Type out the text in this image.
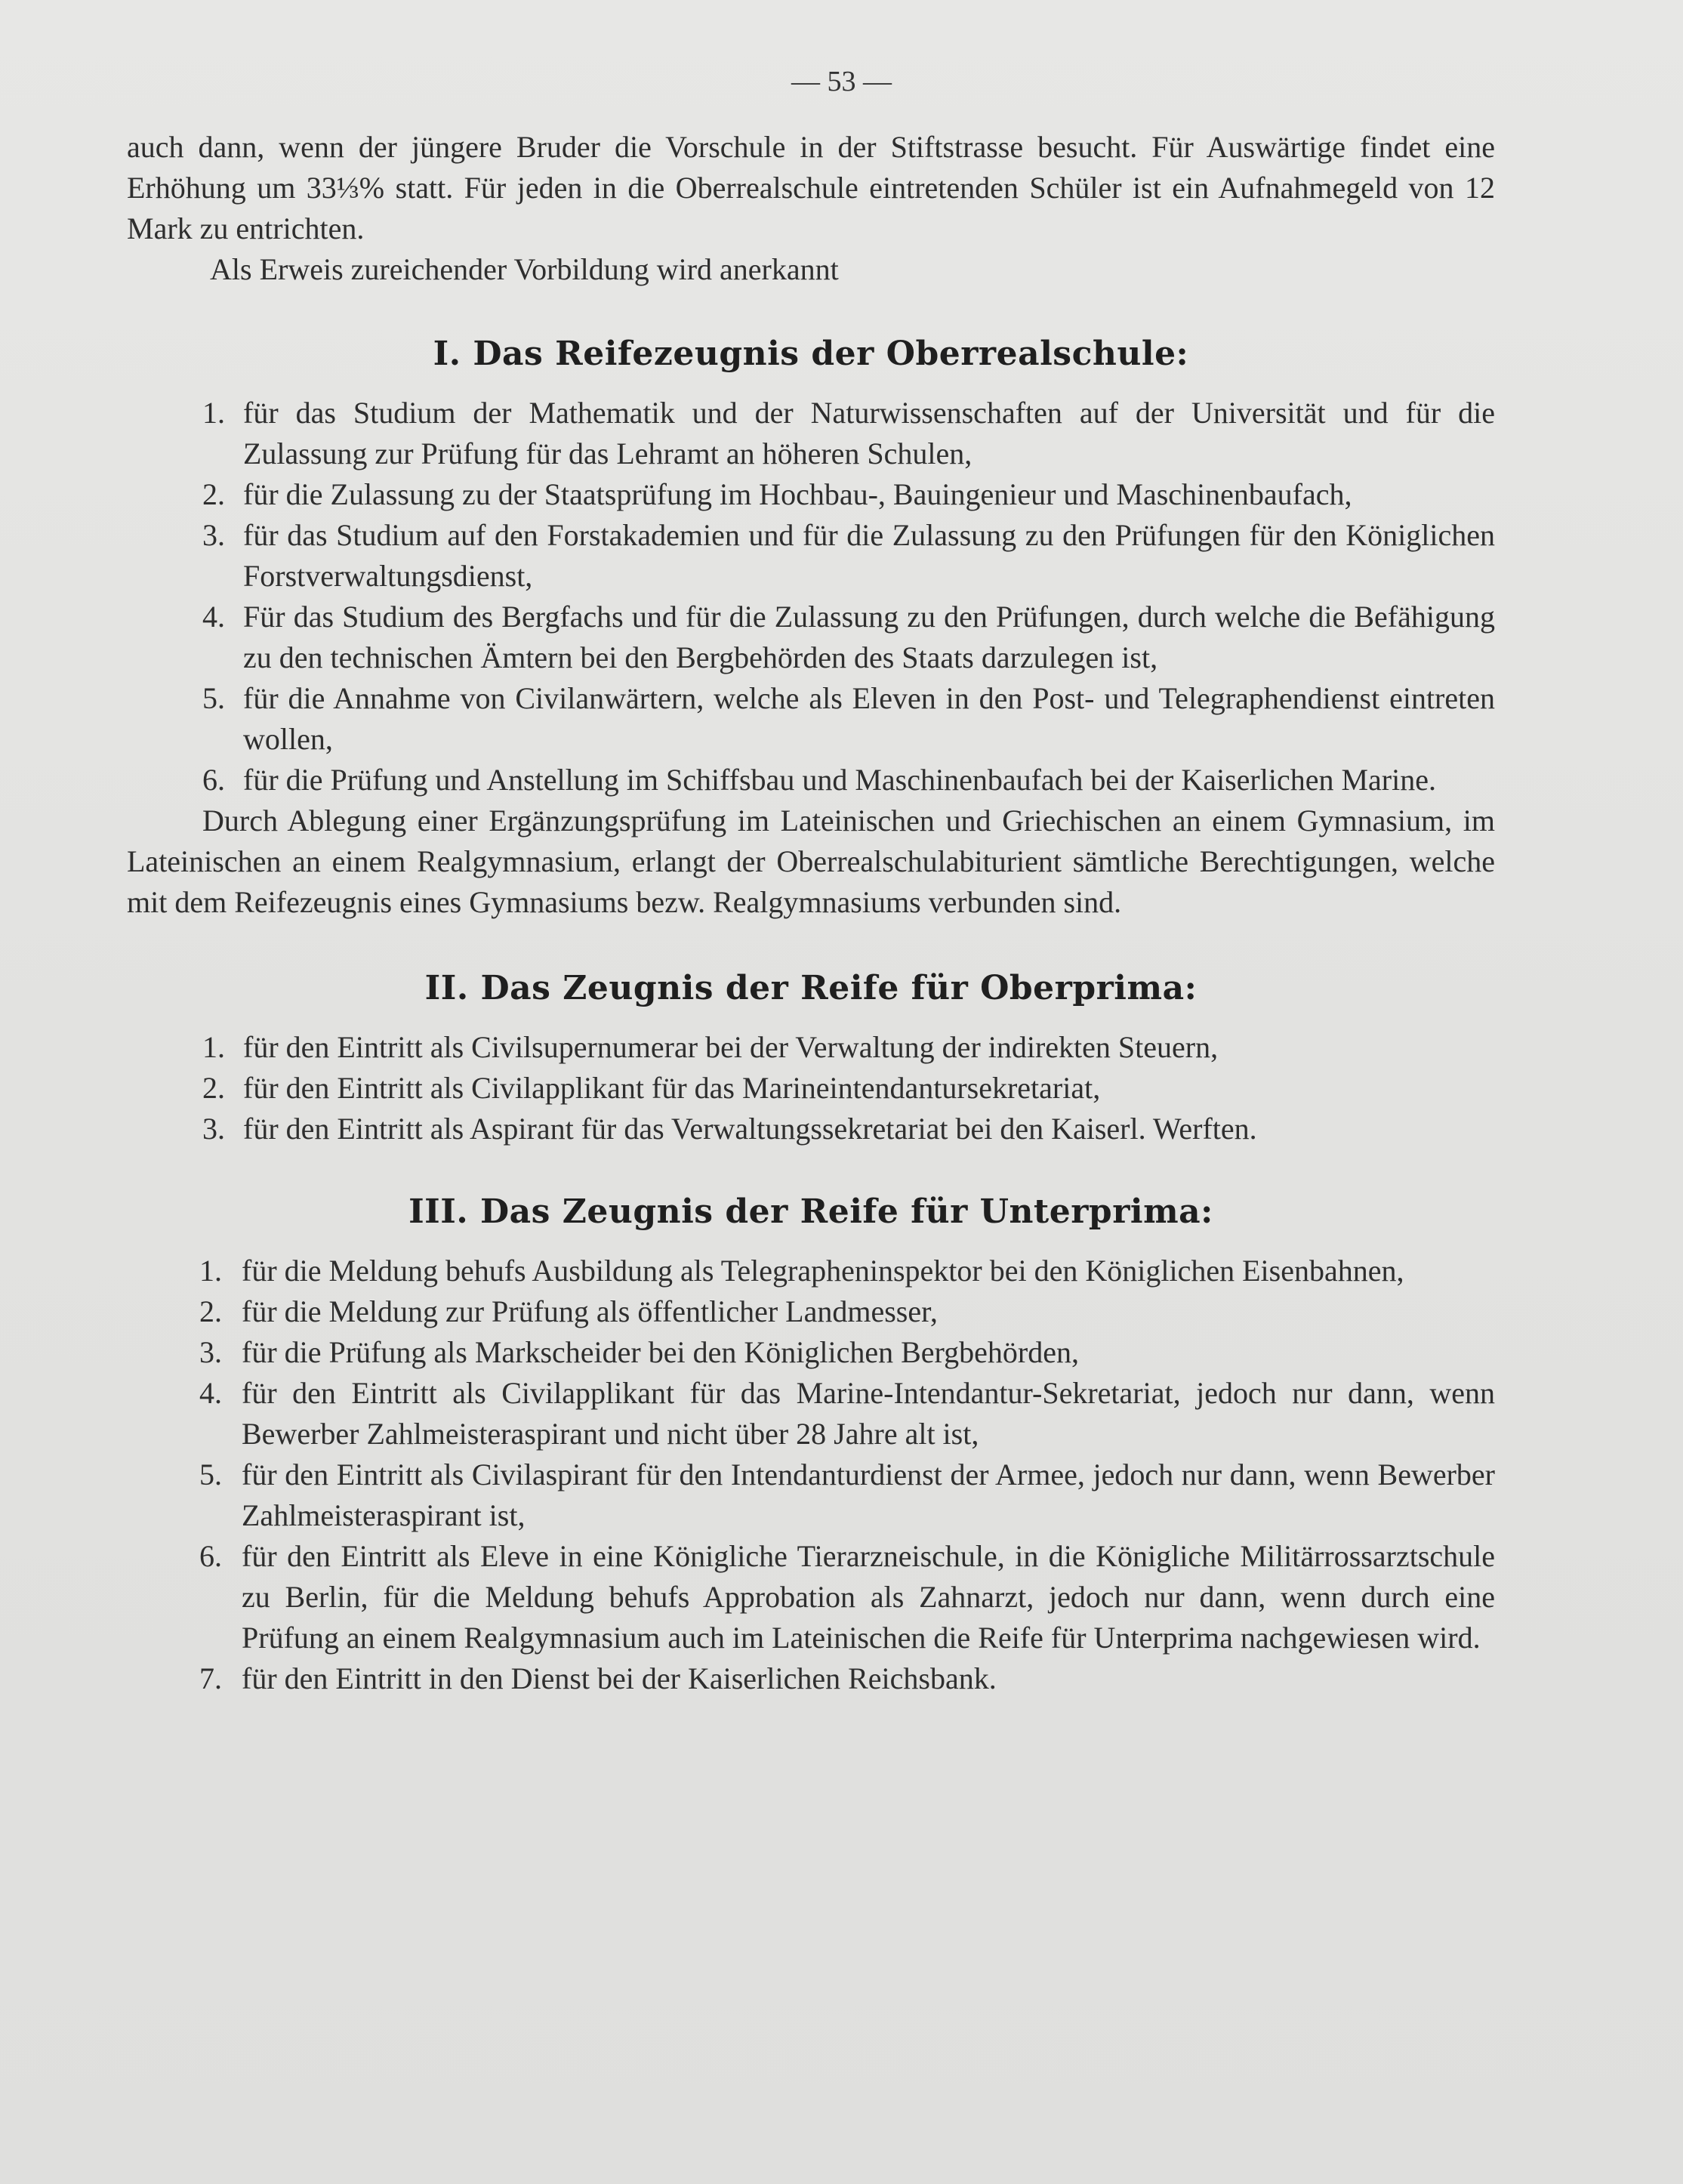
— 53 —

auch dann, wenn der jüngere Bruder die Vorschule in der Stiftstrasse besucht. Für Auswärtige findet eine Erhöhung um 33⅓% statt. Für jeden in die Oberrealschule eintretenden Schüler ist ein Aufnahmegeld von 12 Mark zu entrichten.

Als Erweis zureichender Vorbildung wird anerkannt

I. Das Reifezeugnis der Oberrealschule:
1. für das Studium der Mathematik und der Naturwissenschaften auf der Universität und für die Zulassung zur Prüfung für das Lehramt an höheren Schulen,
2. für die Zulassung zu der Staatsprüfung im Hochbau-, Bauingenieur und Maschinenbaufach,
3. für das Studium auf den Forstakademien und für die Zulassung zu den Prüfungen für den Königlichen Forstverwaltungsdienst,
4. Für das Studium des Bergfachs und für die Zulassung zu den Prüfungen, durch welche die Befähigung zu den technischen Ämtern bei den Bergbehörden des Staats darzulegen ist,
5. für die Annahme von Civilanwärtern, welche als Eleven in den Post- und Telegraphendienst eintreten wollen,
6. für die Prüfung und Anstellung im Schiffsbau und Maschinenbaufach bei der Kaiserlichen Marine.

Durch Ablegung einer Ergänzungsprüfung im Lateinischen und Griechischen an einem Gymnasium, im Lateinischen an einem Realgymnasium, erlangt der Oberrealschulabiturient sämtliche Berechtigungen, welche mit dem Reifezeugnis eines Gymnasiums bezw. Realgymnasiums verbunden sind.

II. Das Zeugnis der Reife für Oberprima:
1. für den Eintritt als Civilsupernumerar bei der Verwaltung der indirekten Steuern,
2. für den Eintritt als Civilapplikant für das Marineintendantursekretariat,
3. für den Eintritt als Aspirant für das Verwaltungssekretariat bei den Kaiserl. Werften.
III. Das Zeugnis der Reife für Unterprima:
1. für die Meldung behufs Ausbildung als Telegrapheninspektor bei den Königlichen Eisenbahnen,
2. für die Meldung zur Prüfung als öffentlicher Landmesser,
3. für die Prüfung als Markscheider bei den Königlichen Bergbehörden,
4. für den Eintritt als Civilapplikant für das Marine-Intendantur-Sekretariat, jedoch nur dann, wenn Bewerber Zahlmeisteraspirant und nicht über 28 Jahre alt ist,
5. für den Eintritt als Civilaspirant für den Intendanturdienst der Armee, jedoch nur dann, wenn Bewerber Zahlmeisteraspirant ist,
6. für den Eintritt als Eleve in eine Königliche Tierarzneischule, in die Königliche Militärrossarztschule zu Berlin, für die Meldung behufs Approbation als Zahnarzt, jedoch nur dann, wenn durch eine Prüfung an einem Realgymnasium auch im Lateinischen die Reife für Unterprima nachgewiesen wird.
7. für den Eintritt in den Dienst bei der Kaiserlichen Reichsbank.
